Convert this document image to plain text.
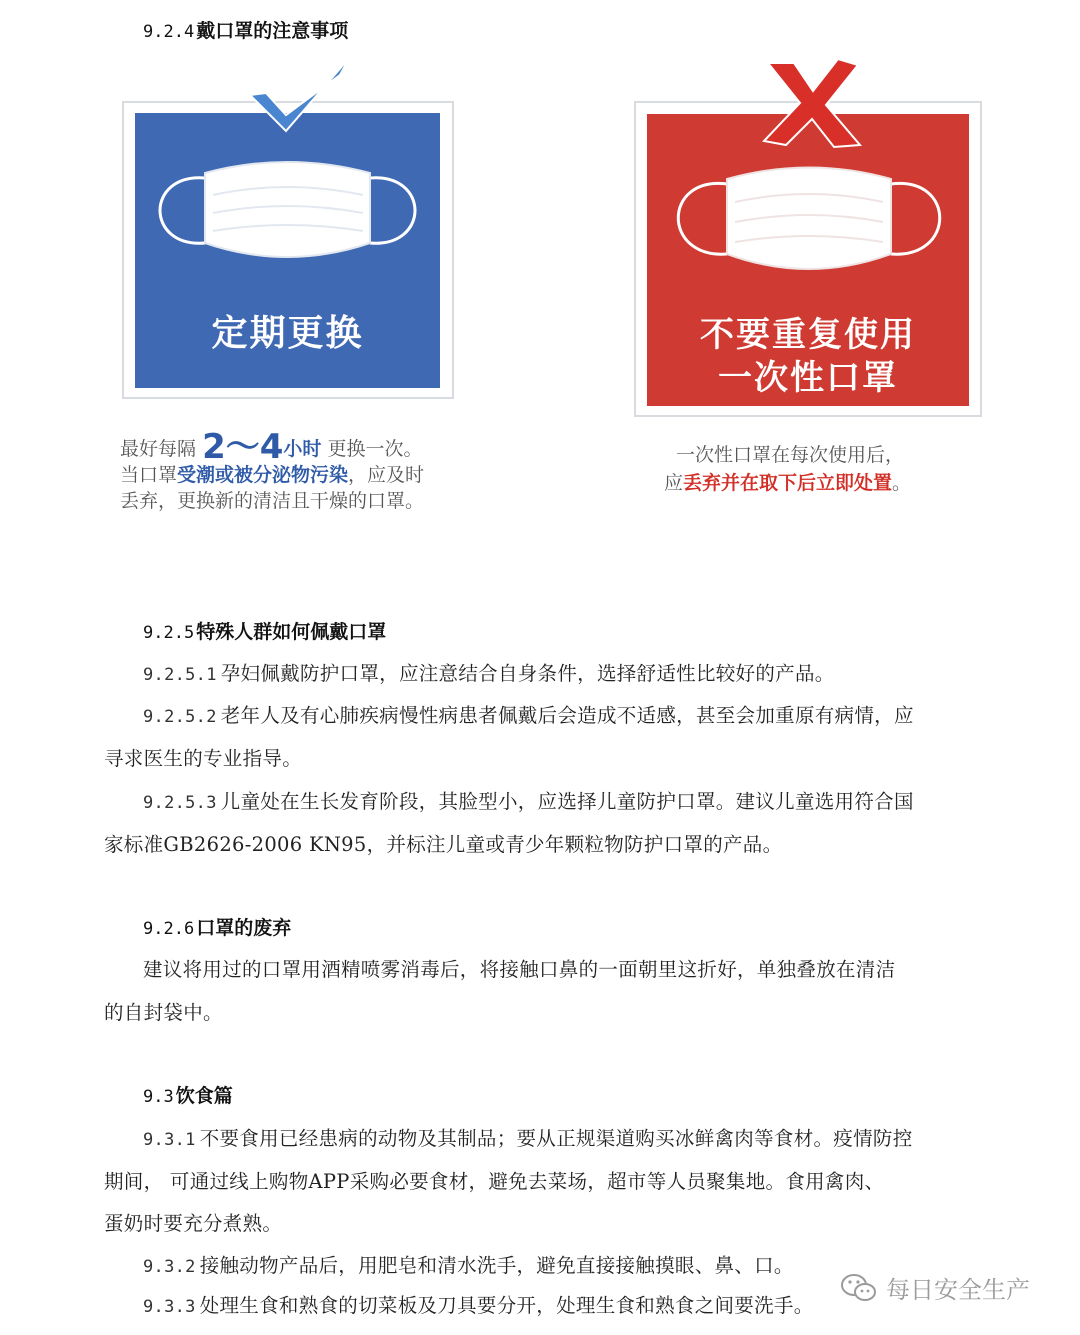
9.2.4 戴口罩的注意事项
定期更换
最好每隔 2～4小时 更换一次。
当口罩受潮或被分泌物污染，应及时
丢弃，更换新的清洁且干燥的口罩。
不要重复使用
一次性口罩
一次性口罩在每次使用后，
应丢弃并在取下后立即处置。
9.2.5 特殊人群如何佩戴口罩
9.2.5.1 孕妇佩戴防护口罩，应注意结合自身条件，选择舒适性比较好的产品。
9.2.5.2 老年人及有心肺疾病慢性病患者佩戴后会造成不适感，甚至会加重原有病情，应
寻求医生的专业指导。
9.2.5.3 儿童处在生长发育阶段，其脸型小，应选择儿童防护口罩。建议儿童选用符合国
家标准GB2626-2006 KN95，并标注儿童或青少年颗粒物防护口罩的产品。
9.2.6 口罩的废弃
建议将用过的口罩用酒精喷雾消毒后，将接触口鼻的一面朝里这折好，单独叠放在清洁
的自封袋中。
9.3 饮食篇
9.3.1 不要食用已经患病的动物及其制品；要从正规渠道购买冰鲜禽肉等食材。疫情防控
期间， 可通过线上购物APP采购必要食材，避免去菜场，超市等人员聚集地。食用禽肉、
蛋奶时要充分煮熟。
9.3.2 接触动物产品后，用肥皂和清水洗手，避免直接接触摸眼、鼻、口。
9.3.3 处理生食和熟食的切菜板及刀具要分开，处理生食和熟食之间要洗手。
每日安全生产
